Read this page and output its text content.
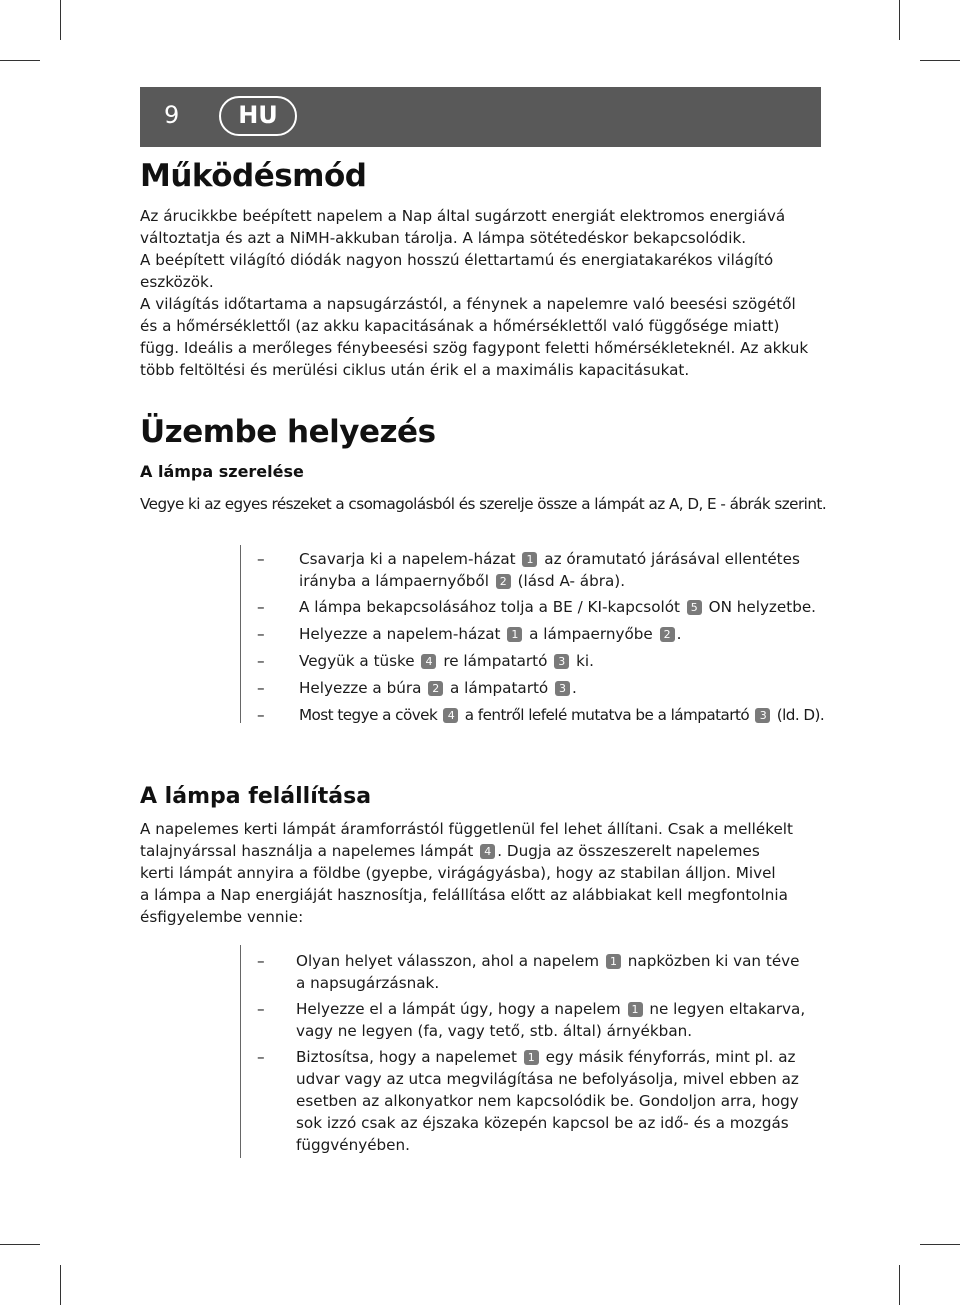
9	HU
Működésmód
Az árucikkbe beépített napelem a Nap által sugárzott energiát elektromos energiává
változtatja és azt a NiMH-akkuban tárolja. A lámpa sötétedéskor bekapcsolódik.
A beépített világító diódák nagyon hosszú élettartamú és energiatakarékos világító
eszközök.
A világítás időtartama a napsugárzástól, a fénynek a napelemre való beesési szögétől
és a hőmérséklettől (az akku kapacitásának a hőmérséklettől való függősége miatt)
függ. Ideális a merőleges fénybeesési szög fagypont feletti hőmérsékleteknél. Az akkuk
több feltöltési és merülési ciklus után érik el a maximális kapacitásukat.
Üzembe helyezés
A lámpa szerelése
Vegye ki az egyes részeket a csomagolásból és szerelje össze a lámpát az A, D, E - ábrák szerint.
– Csavarja ki a napelem-házat 1 az óramutató járásával ellentétes
irányba a lámpaernyőből 2 (lásd A- ábra).
– A lámpa bekapcsolásához tolja a BE / KI-kapcsolót 5 ON helyzetbe.
– Helyezze a napelem-házat 1 a lámpaernyőbe 2 .
– Vegyük a tüske 4 re lámpatartó 3 ki.
– Helyezze a búra 2 a lámpatartó 3 .
– Most tegye a cövek 4 a fentről lefelé mutatva be a lámpatartó 3 (ld. D).
A lámpa felállítása
A napelemes kerti lámpát áramforrástól függetlenül fel lehet állítani. Csak a mellékelt
talajnyárssal használja a napelemes lámpát 4 . Dugja az összeszerelt napelemes
kerti lámpát annyira a földbe (gyepbe, virágágyásba), hogy az stabilan álljon. Mivel
a lámpa a Nap energiáját hasznosítja, felállítása előtt az alábbiakat kell megfontolnia
ésfigyelembe vennie:
– Olyan helyet válasszon, ahol a napelem 1 napközben ki van téve
a napsugárzásnak.
– Helyezze el a lámpát úgy, hogy a napelem 1 ne legyen eltakarva,
vagy ne legyen (fa, vagy tető, stb. által) árnyékban.
– Biztosítsa, hogy a napelemet 1 egy másik fényforrás, mint pl. az
udvar vagy az utca megvilágítása ne befolyásolja, mivel ebben az
esetben az alkonyatkor nem kapcsolódik be. Gondoljon arra, hogy
sok izzó csak az éjszaka közepén kapcsol be az idő- és a mozgás
függvényében.
